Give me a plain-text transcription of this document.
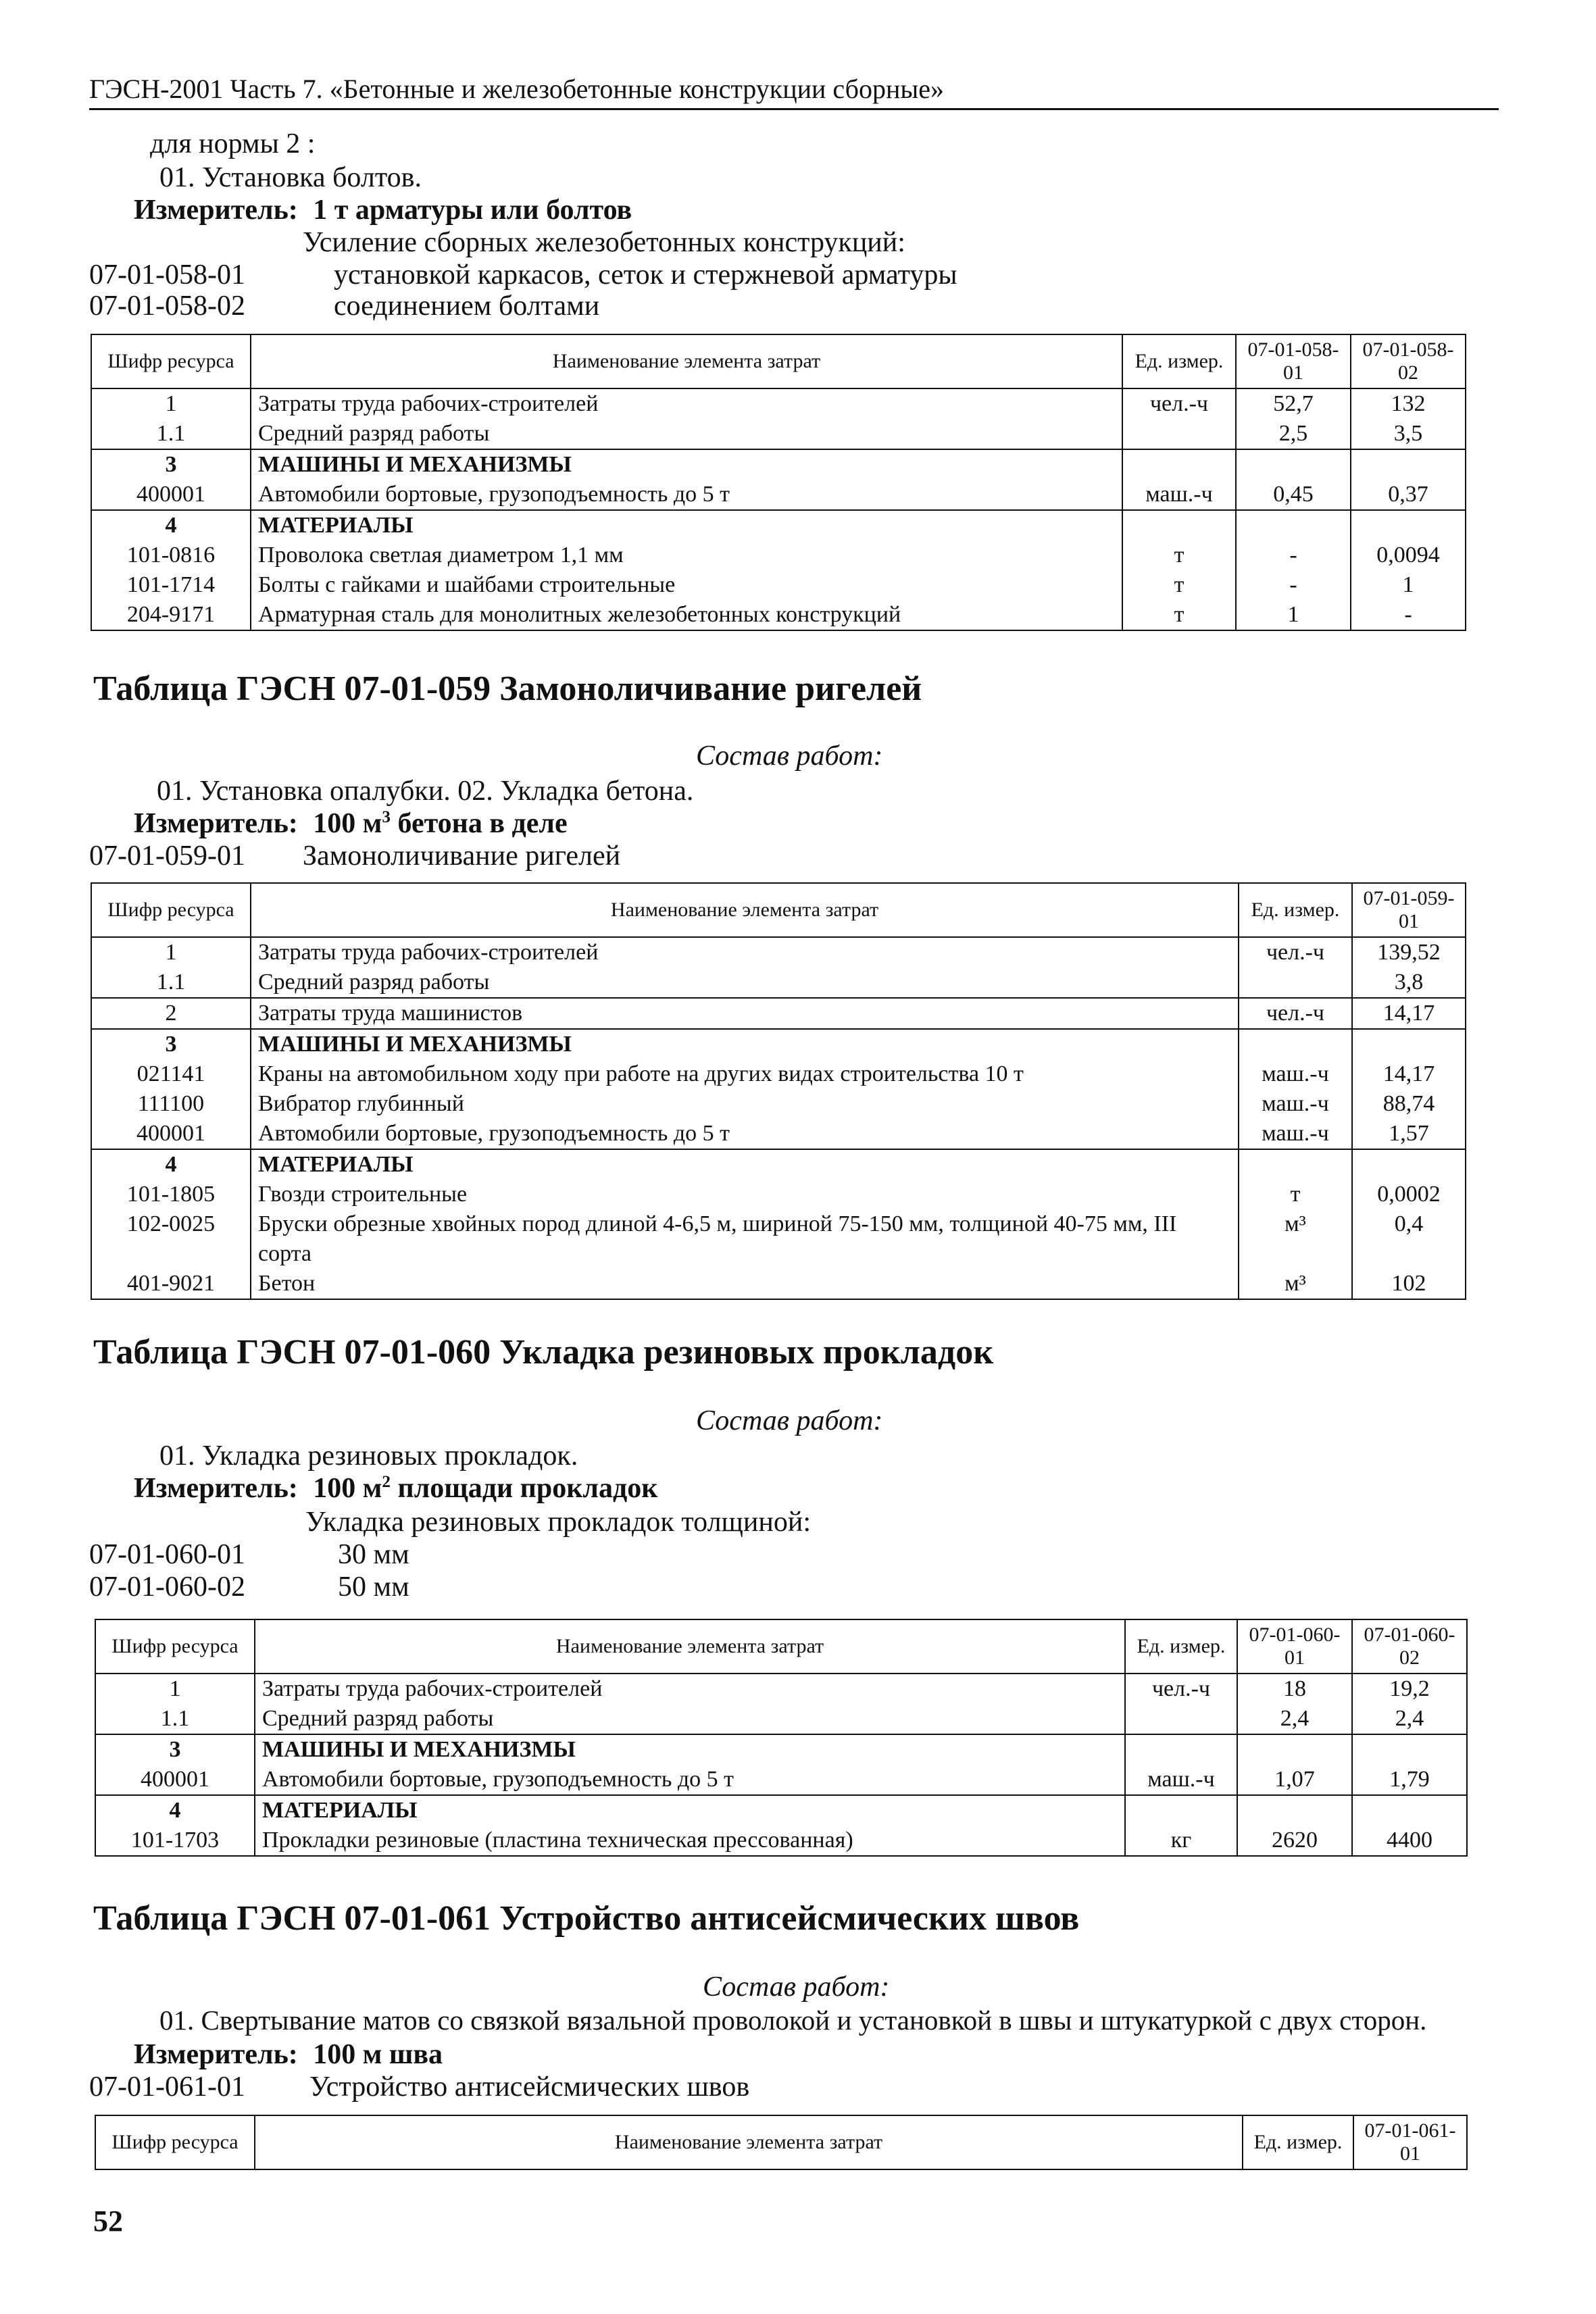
ГЭСН-2001 Часть 7. «Бетонные и железобетонные конструкции сборные»
для нормы 2 :
01. Установка болтов.
Измеритель: 1 т арматуры или болтов
Усиление сборных железобетонных конструкций:
07-01-058-01	установкой каркасов, сеток и стержневой арматуры
07-01-058-02	соединением болтами
Шифр ресурса	Наименование элемента затрат	Ед. измер.	07-01-058-01	07-01-058-02
1	Затраты труда рабочих-строителей	чел.-ч	52,7	132
1.1	Средний разряд работы		2,5	3,5
3	МАШИНЫ И МЕХАНИЗМЫ			
400001	Автомобили бортовые, грузоподъемность до 5 т	маш.-ч	0,45	0,37
4	МАТЕРИАЛЫ			
101-0816	Проволока светлая диаметром 1,1 мм	т	-	0,0094
101-1714	Болты с гайками и шайбами строительные	т	-	1
204-9171	Арматурная сталь для монолитных железобетонных конструкций	т	1	-
Таблица ГЭСН 07-01-059 Замоноличивание ригелей
Состав работ:
01. Установка опалубки. 02. Укладка бетона.
Измеритель: 100 $м^3$ бетона в деле
07-01-059-01 Замоноличивание ригелей
Шифр ресурса	Наименование элемента затрат	Ед. измер.	07-01-059-01
1	Затраты труда рабочих-строителей	чел.-ч	139,52
1.1	Средний разряд работы		3,8
2	Затраты труда машинистов	чел.-ч	14,17
3	МАШИНЫ И МЕХАНИЗМЫ		
021141	Краны на автомобильном ходу при работе на других видах строительства 10 т	маш.-ч	14,17
111100	Вибратор глубинный	маш.-ч	88,74
400001	Автомобили бортовые, грузоподъемность до 5 т	маш.-ч	1,57
4	МАТЕРИАЛЫ		
101-1805	Гвозди строительные	т	0,0002
102-0025	Бруски обрезные хвойных пород длиной 4-6,5 м, шириной 75-150 мм, толщиной 40-75 мм, III сорта	м³	0,4
401-9021	Бетон	м³	102
Таблица ГЭСН 07-01-060 Укладка резиновых прокладок
Состав работ:
01. Укладка резиновых прокладок.
Измеритель: 100 $м^2$ площади прокладок
Укладка резиновых прокладок толщиной:
07-01-060-01	30 мм
07-01-060-02	50 мм
Шифр ресурса	Наименование элемента затрат	Ед. измер.	07-01-060-01	07-01-060-02
1	Затраты труда рабочих-строителей	чел.-ч	18	19,2
1.1	Средний разряд работы		2,4	2,4
3	МАШИНЫ И МЕХАНИЗМЫ			
400001	Автомобили бортовые, грузоподъемность до 5 т	маш.-ч	1,07	1,79
4	МАТЕРИАЛЫ			
101-1703	Прокладки резиновые (пластина техническая прессованная)	кг	2620	4400
Таблица ГЭСН 07-01-061 Устройство антисейсмических швов
Состав работ:
01. Свертывание матов со связкой вязальной проволокой и установкой в швы и штукатуркой с двух сторон.
Измеритель: 100 м шва
07-01-061-01 Устройство антисейсмических швов
Шифр ресурса	Наименование элемента затрат	Ед. измер.	07-01-061-01
52
